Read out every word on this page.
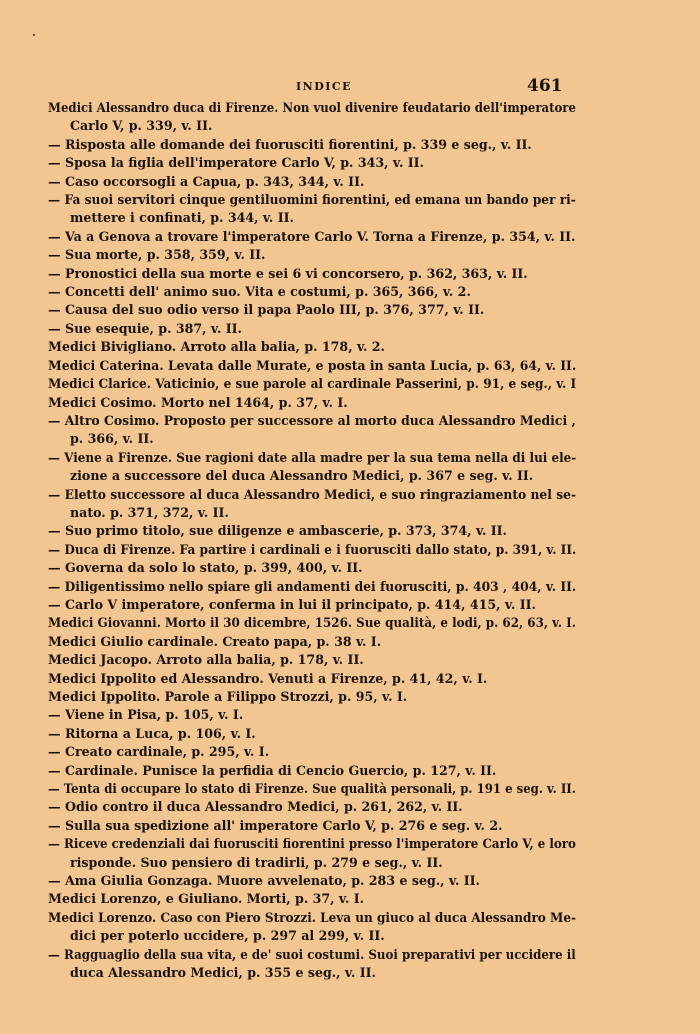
INDICE	461
Medici Alessandro duca di Firenze. Non vuol divenire feudatario dell'imperatore
Carlo V, p. 339, v. II.
— Risposta alle domande dei fuorusciti fiorentini, p. 339 e seg., v. II.
— Sposa la figlia dell'imperatore Carlo V, p. 343, v. II.
— Caso occorsogli a Capua, p. 343, 344, v. II.
— Fa suoi servitori cinque gentiluomini fiorentini, ed emana un bando per ri-
mettere i confinati, p. 344, v. II.
— Va a Genova a trovare l'imperatore Carlo V. Torna a Firenze, p. 354, v. II.
— Sua morte, p. 358, 359, v. II.
— Pronostici della sua morte e sei 6 vi concorsero, p. 362, 363, v. II.
— Concetti dell' animo suo. Vita e costumi, p. 365, 366, v. 2.
— Causa del suo odio verso il papa Paolo III, p. 376, 377, v. II.
— Sue esequie, p. 387, v. II.
Medici Bivigliano. Arroto alla balia, p. 178, v. 2.
Medici Caterina. Levata dalle Murate, e posta in santa Lucia, p. 63, 64, v. II.
Medici Clarice. Vaticinio, e sue parole al cardinale Passerini, p. 91, e seg., v. I
Medici Cosimo. Morto nel 1464, p. 37, v. I.
— Altro Cosimo. Proposto per successore al morto duca Alessandro Medici ,
p. 366, v. II.
— Viene a Firenze. Sue ragioni date alla madre per la sua tema nella di lui ele-
zione a successore del duca Alessandro Medici, p. 367 e seg. v. II.
— Eletto successore al duca Alessandro Medici, e suo ringraziamento nel se-
nato. p. 371, 372, v. II.
— Suo primo titolo, sue diligenze e ambascerie, p. 373, 374, v. II.
— Duca di Firenze. Fa partire i cardinali e i fuorusciti dallo stato, p. 391, v. II.
— Governa da solo lo stato, p. 399, 400, v. II.
— Diligentissimo nello spiare gli andamenti dei fuorusciti, p. 403 , 404, v. II.
— Carlo V imperatore, conferma in lui il principato, p. 414, 415, v. II.
Medici Giovanni. Morto il 30 dicembre, 1526. Sue qualità, e lodi, p. 62, 63, v. I.
Medici Giulio cardinale. Creato papa, p. 38 v. I.
Medici Jacopo. Arroto alla balia, p. 178, v. II.
Medici Ippolito ed Alessandro. Venuti a Firenze, p. 41, 42, v. I.
Medici Ippolito. Parole a Filippo Strozzi, p. 95, v. I.
— Viene in Pisa, p. 105, v. I.
— Ritorna a Luca, p. 106, v. I.
— Creato cardinale, p. 295, v. I.
— Cardinale. Punisce la perfidia di Cencio Guercio, p. 127, v. II.
— Tenta di occupare lo stato di Firenze. Sue qualità personali, p. 191 e seg. v. II.
— Odio contro il duca Alessandro Medici, p. 261, 262, v. II.
— Sulla sua spedizione all' imperatore Carlo V, p. 276 e seg. v. 2.
— Riceve credenziali dai fuorusciti fiorentini presso l'imperatore Carlo V, e loro
risponde. Suo pensiero di tradirli, p. 279 e seg., v. II.
— Ama Giulia Gonzaga. Muore avvelenato, p. 283 e seg., v. II.
Medici Lorenzo, e Giuliano. Morti, p. 37, v. I.
Medici Lorenzo. Caso con Piero Strozzi. Leva un giuco al duca Alessandro Me-
dici per poterlo uccidere, p. 297 al 299, v. II.
— Ragguaglio della sua vita, e de' suoi costumi. Suoi preparativi per uccidere il
duca Alessandro Medici, p. 355 e seg., v. II.
